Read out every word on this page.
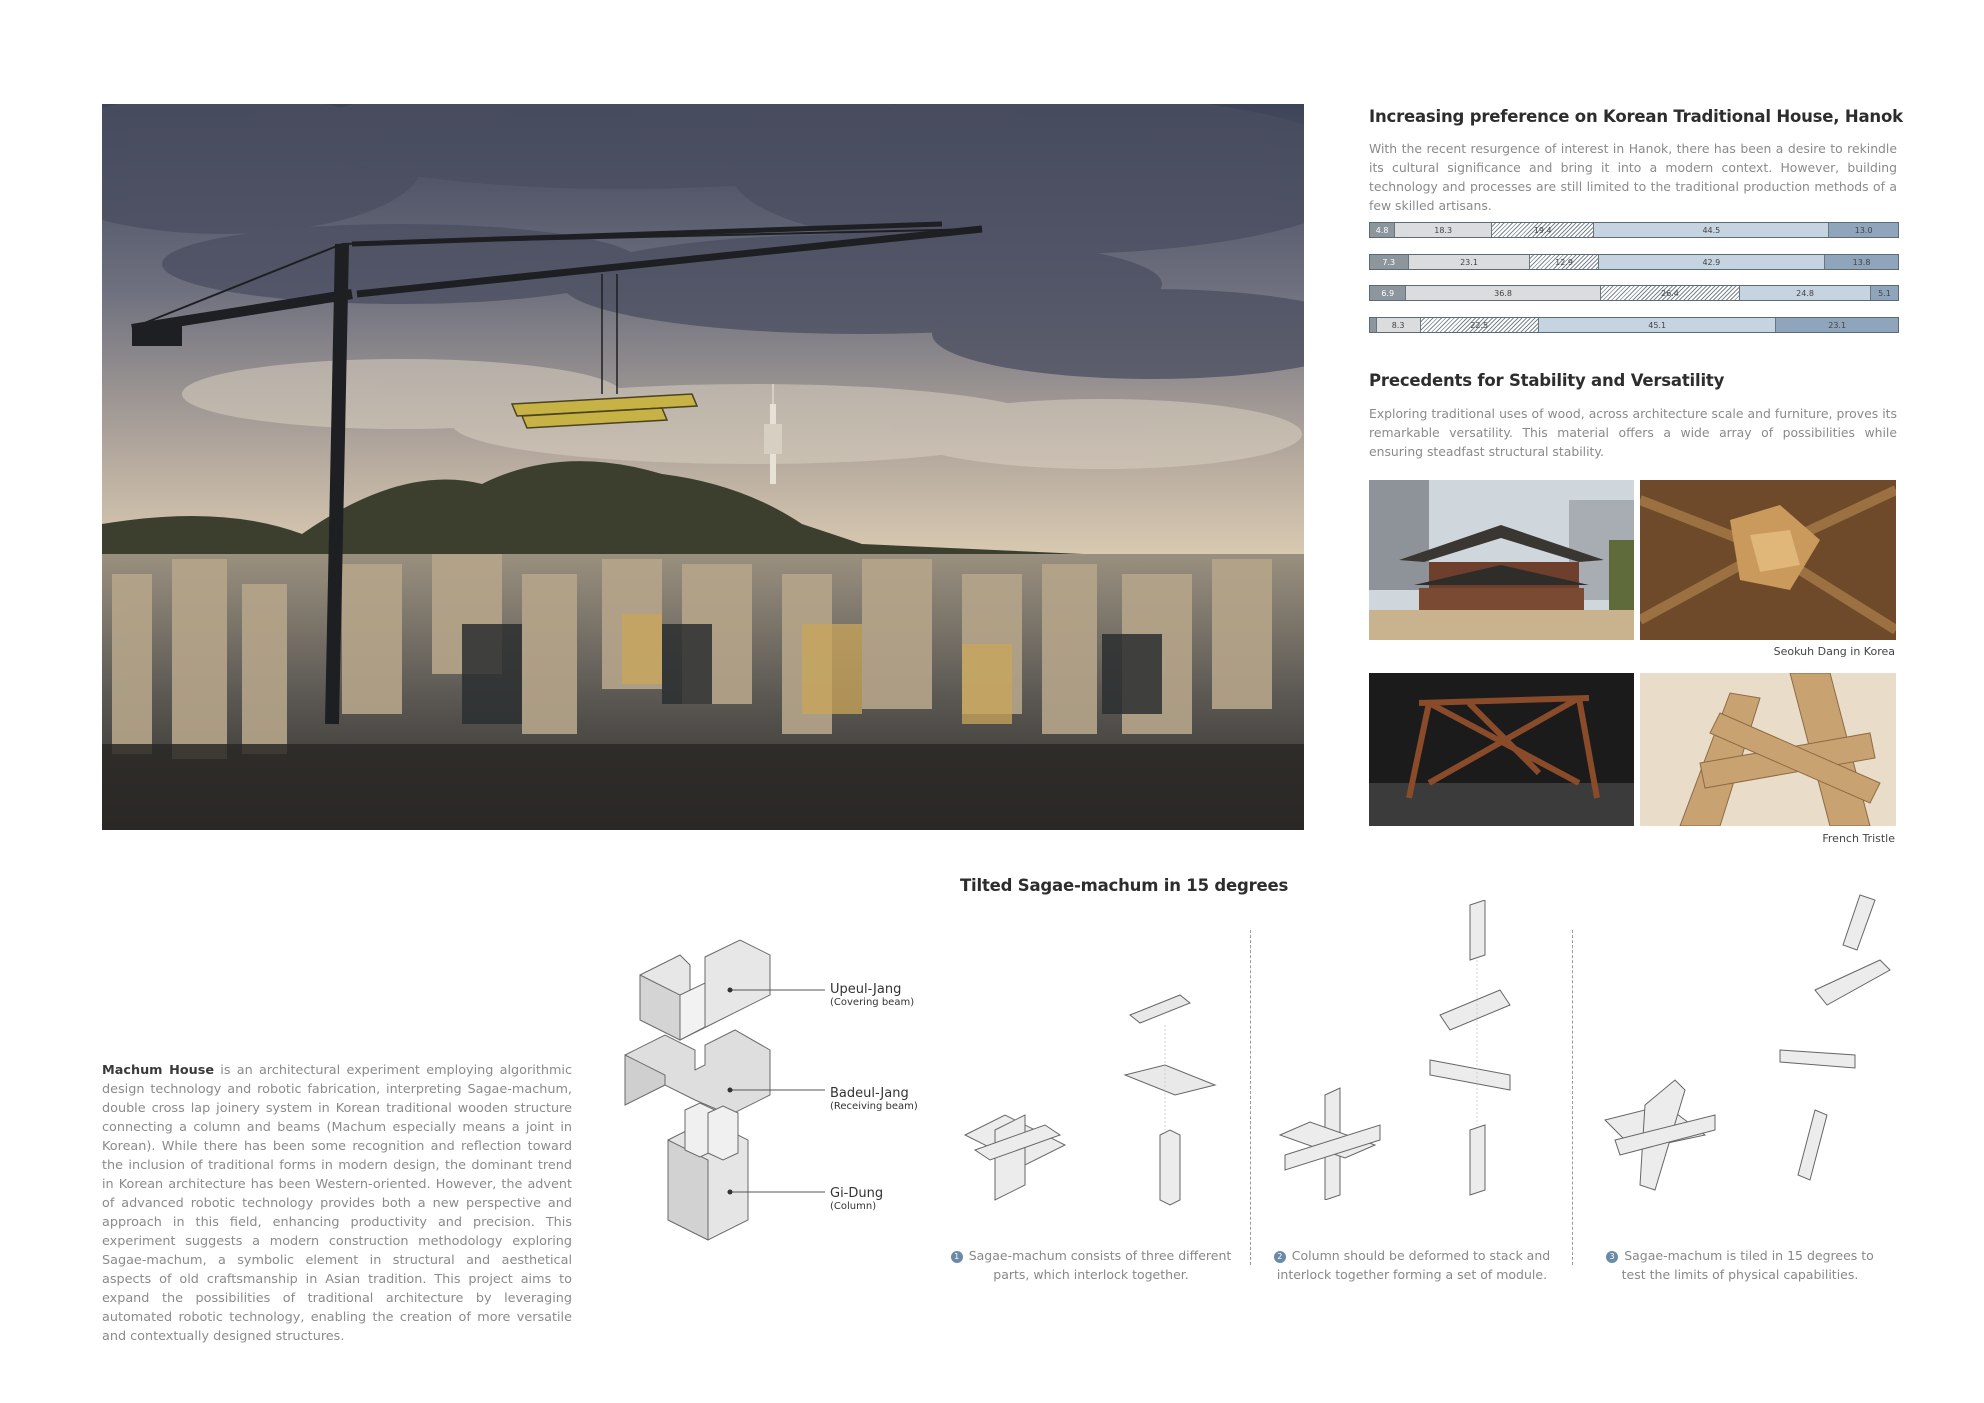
Increasing preference on Korean Traditional House, Hanok

With the recent resurgence of interest in Hanok, there has been a desire to rekindle its cultural significance and bring it into a modern context. However, building technology and processes are still limited to the traditional production methods of a few skilled artisans.

4.8	18.3	19.4	44.5	13.0
7.3	23.1	12.9	42.9	13.8
6.9	36.8	26.4	24.8	5.1
8.3	22.5	45.1	23.1
Precedents for Stability and Versatility

Exploring traditional uses of wood, across architecture scale and furniture, proves its remarkable versatility. This material offers a wide array of possibilities while ensuring steadfast structural stability.

Seokuh Dang in Korea
French Tristle
Tilted Sagae-machum in 15 degrees
Upeul-Jang
(Covering beam)
Badeul-Jang
(Receiving beam)
Gi-Dung
(Column)
1 Sagae-machum consists of three different
parts, which interlock together.
2 Column should be deformed to stack and
interlock together forming a set of module.
3 Sagae-machum is tiled in 15 degrees to
test the limits of physical capabilities.

Machum House is an architectural experiment employing algorithmic design technology and robotic fabrication, interpreting Sagae-machum, double cross lap joinery system in Korean traditional wooden structure connecting a column and beams (Machum especially means a joint in Korean). While there has been some recognition and reflection toward the inclusion of traditional forms in modern design, the dominant trend in Korean architecture has been Western-oriented. However, the advent of advanced robotic technology provides both a new perspective and approach in this field, enhancing productivity and precision. This experiment suggests a modern construction methodology exploring Sagae-machum, a symbolic element in structural and aesthetical aspects of old craftsmanship in Asian tradition. This project aims to expand the possibilities of traditional architecture by leveraging automated robotic technology, enabling the creation of more versatile and contextually designed structures.
